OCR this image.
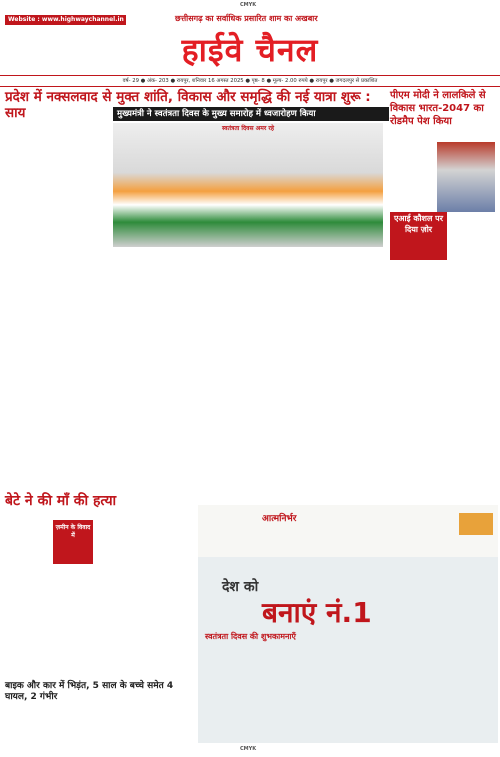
CMYK
Website : www.highwaychannel.in	छत्तीसगढ़ का सर्वाधिक प्रसारित शाम का अखबार
हाईवे चैनल
वर्ष- 29 ● अंक- 203 ● रायपुर, शनिवार 16 अगस्त 2025 ● पृष्ठ- 8 ● मूल्य- 2.00 रुपये ● रायपुर ● जगदलपुर से प्रकाशित
प्रदेश में नक्सलवाद से मुक्त शांति, विकास और समृद्धि की नई यात्रा शुरू : साय	मुख्यमंत्री ने स्वतंत्रता दिवस के मुख्य समारोह में ध्वजारोहण किया
स्वतंत्रता दिवस अमर रहे
पीएम मोदी ने लालकिले से विकास भारत-2047 का रोडमैप पेश किया
एआई कौशल पर दिया ज़ोर
बेटे ने की माँ की हत्या
ज़मीन के विवाद में
बाइक और कार में भिड़ंत, 5 साल के बच्चे समेत 4 घायल, 2 गंभीर
आत्मनिर्भर
देश को
बनाएं नं.1
स्वतंत्रता दिवस की शुभकामनाएँ
CMYK
